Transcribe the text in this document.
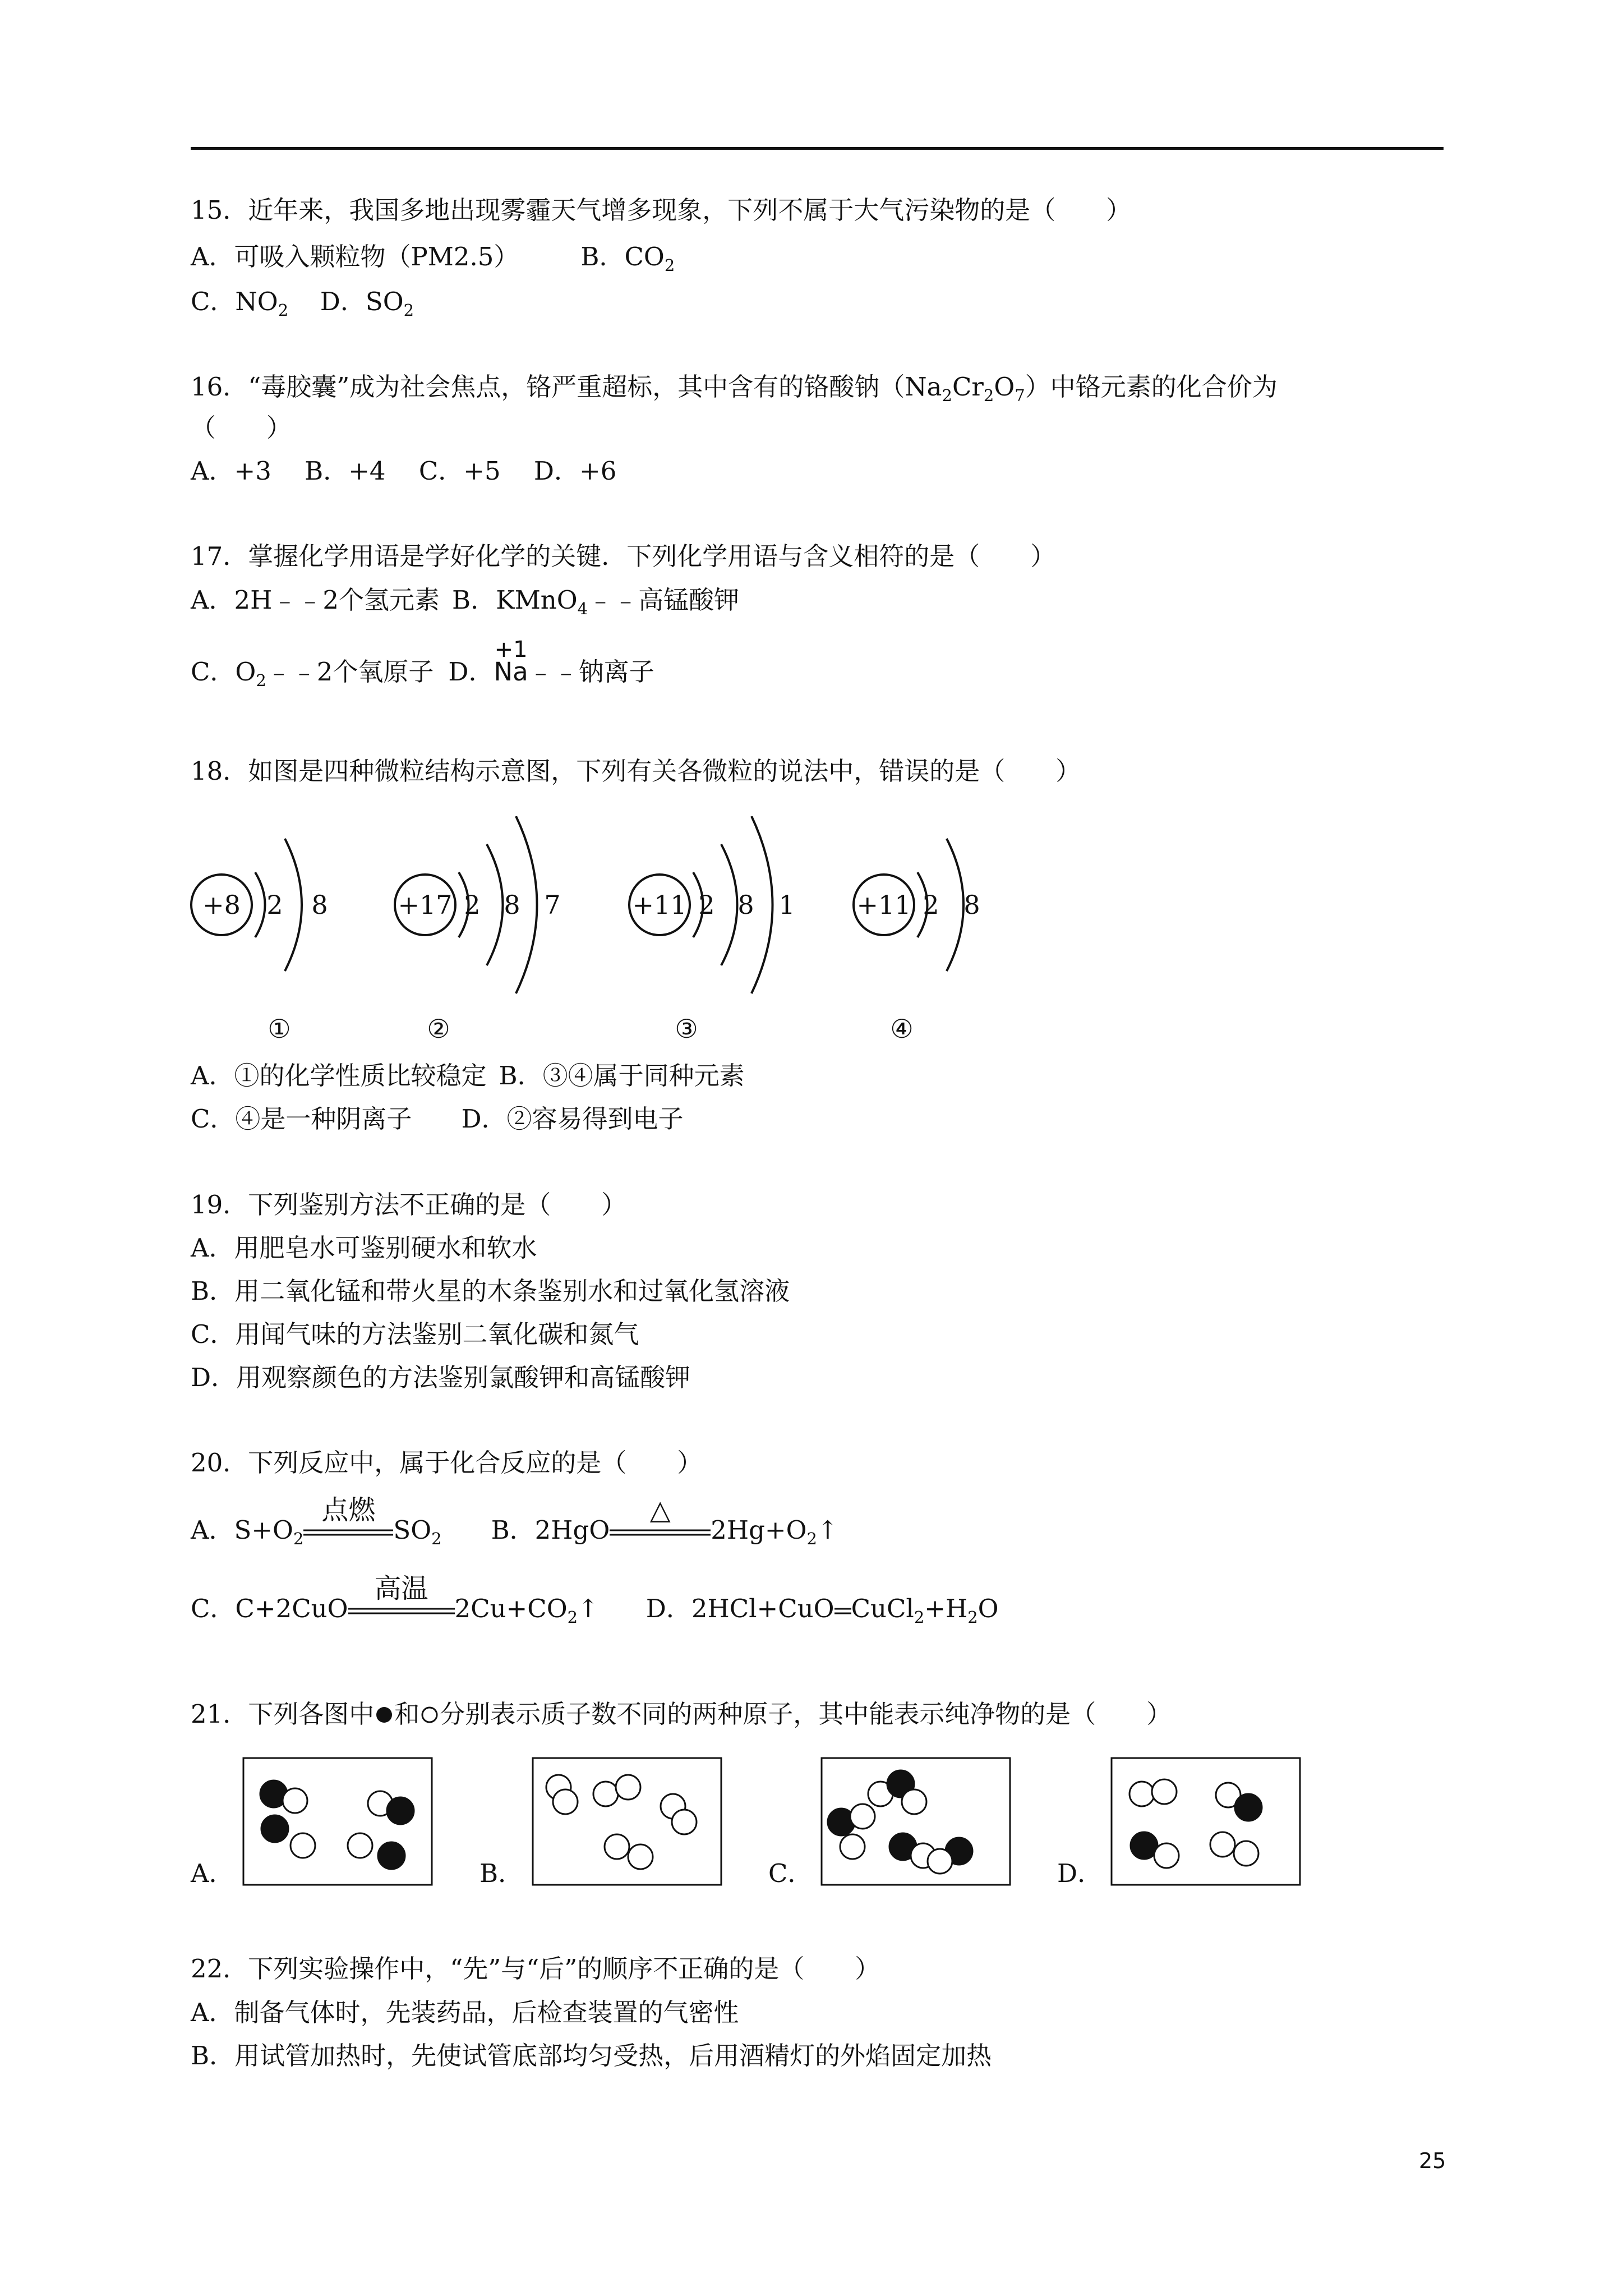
15．近年来，我国多地出现雾霾天气增多现象，下列不属于大气污染物的是（　　）
A．可吸入颗粒物（PM2.5） B．$CO_2$
C．$NO_2$ D．$SO_2$
16．“毒胶囊”成为社会焦点，铬严重超标，其中含有的铬酸钠$(Na_2Cr_2O_7)$中铬元素的化合价为
（　　）
A．+3　 B．+4　 C．+5　 D．+6
17．掌握化学用语是学好化学的关键．下列化学用语与含义相符的是（　　）
A．2H﹣﹣2个氢元素 B．KMnO$_4$﹣﹣高锰酸钾
C．$O_2﹣﹣2$个氧原子 D．
+1
Na﹣﹣钠离子
18．如图是四种微粒结构示意图，下列有关各微粒的说法中，错误的是（　　）
+8 2 8
①
+17 2 8 7
②
+11 2 8 1
③
+11 2 8
④
A．①的化学性质比较稳定 B．③④属于同种元素
C．④是一种阴离子 D．②容易得到电子
19．下列鉴别方法不正确的是（　　）
A．用肥皂水可鉴别硬水和软水
B．用二氧化锰和带火星的木条鉴别水和过氧化氢溶液
C．用闻气味的方法鉴别二氧化碳和氮气
D．用观察颜色的方法鉴别氯酸钾和高锰酸钾
20．下列反应中，属于化合反应的是（　　）
A．$S+O_2$
点燃
$SO_2$ B．2HgO
△
$2Hg+O_2↑$
C．C+2CuO
高温
$2Cu+CO_2↑$ D．2HCl+CuO $CuCl_2+H_2O$
21．下列各图中 和 分别表示质子数不同的两种原子，其中能表示纯净物的是（　　）
A．	B．	C．	D．
22．下列实验操作中，“先”与“后”的顺序不正确的是（　　）
A．制备气体时，先装药品，后检查装置的气密性
B．用试管加热时，先使试管底部均匀受热，后用酒精灯的外焰固定加热
25
